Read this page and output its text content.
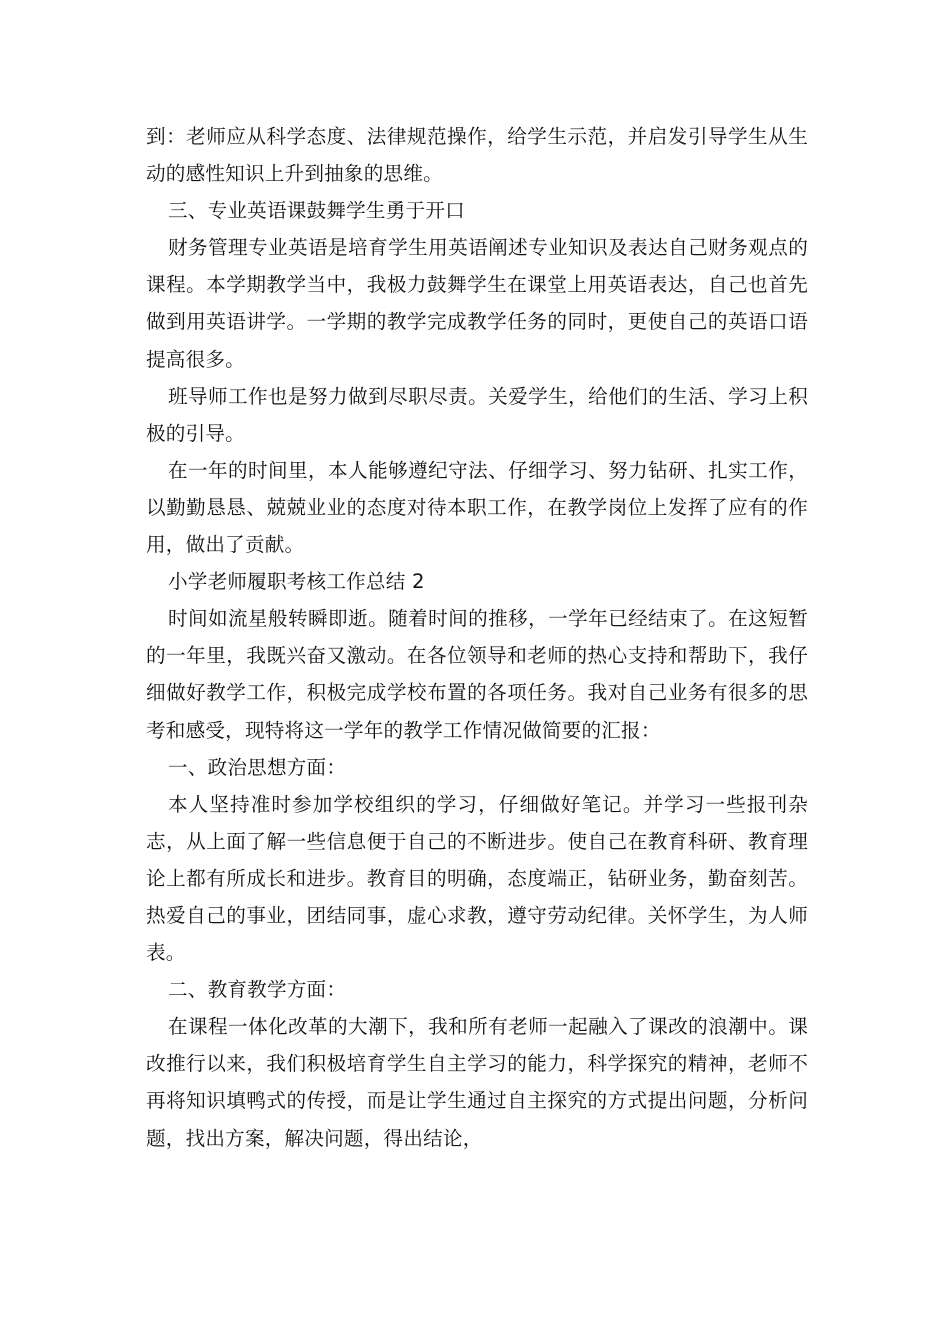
到：老师应从科学态度、法律规范操作，给学生示范，并启发引导学生从生动的感性知识上升到抽象的思维。

三、专业英语课鼓舞学生勇于开口

财务管理专业英语是培育学生用英语阐述专业知识及表达自己财务观点的课程。本学期教学当中，我极力鼓舞学生在课堂上用英语表达，自己也首先做到用英语讲学。一学期的教学完成教学任务的同时，更使自己的英语口语提高很多。

班导师工作也是努力做到尽职尽责。关爱学生，给他们的生活、学习上积极的引导。

在一年的时间里，本人能够遵纪守法、仔细学习、努力钻研、扎实工作，以勤勤恳恳、兢兢业业的态度对待本职工作，在教学岗位上发挥了应有的作用，做出了贡献。

小学老师履职考核工作总结 2

时间如流星般转瞬即逝。随着时间的推移，一学年已经结束了。在这短暂的一年里，我既兴奋又激动。在各位领导和老师的热心支持和帮助下，我仔细做好教学工作，积极完成学校布置的各项任务。我对自己业务有很多的思考和感受，现特将这一学年的教学工作情况做简要的汇报：

一、政治思想方面：

本人坚持准时参加学校组织的学习，仔细做好笔记。并学习一些报刊杂志，从上面了解一些信息便于自己的不断进步。使自己在教育科研、教育理论上都有所成长和进步。教育目的明确，态度端正，钻研业务，勤奋刻苦。热爱自己的事业，团结同事，虚心求教，遵守劳动纪律。关怀学生，为人师表。

二、教育教学方面：

在课程一体化改革的大潮下，我和所有老师一起融入了课改的浪潮中。课改推行以来，我们积极培育学生自主学习的能力，科学探究的精神，老师不再将知识填鸭式的传授，而是让学生通过自主探究的方式提出问题，分析问题，找出方案，解决问题，得出结论，
